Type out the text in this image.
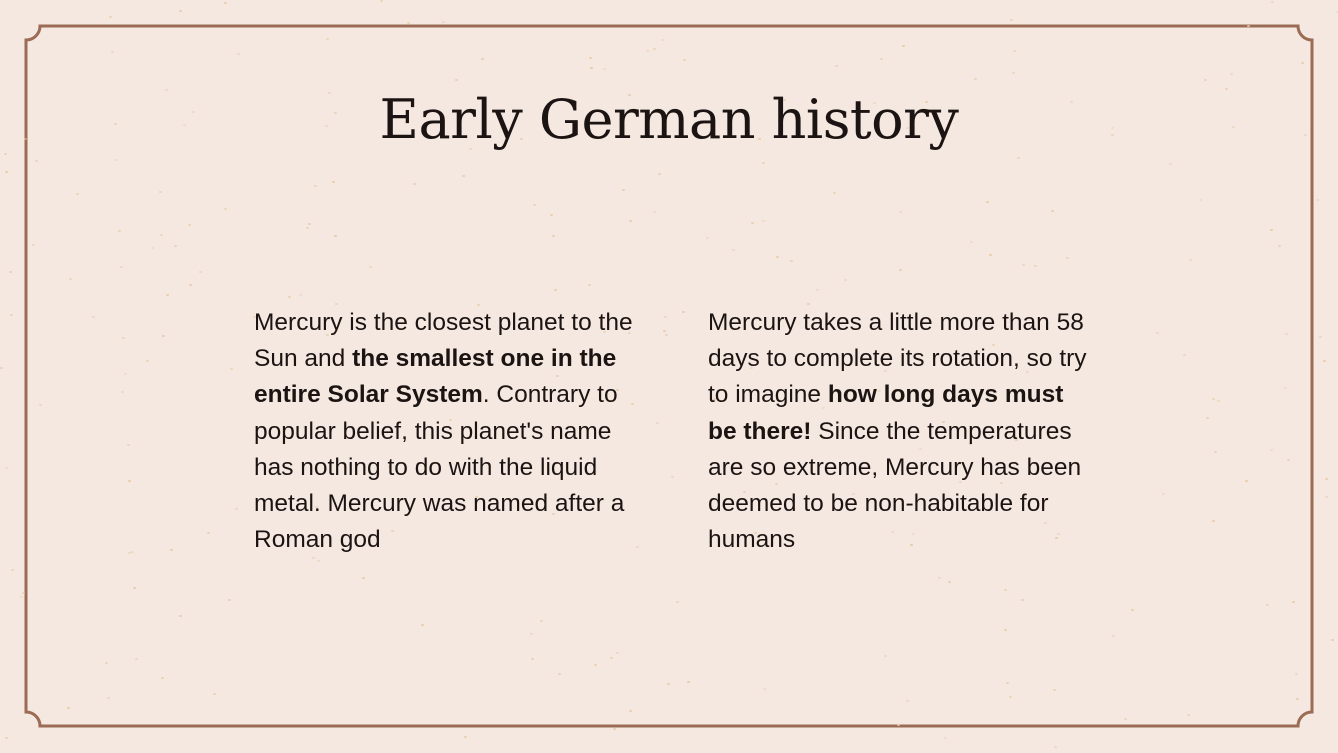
Early German history

Mercury is the closest planet to the Sun and the smallest one in the entire Solar System. Contrary to popular belief, this planet's name has nothing to do with the liquid metal. Mercury was named after a Roman god

Mercury takes a little more than 58 days to complete its rotation, so try to imagine how long days must be there! Since the temperatures are so extreme, Mercury has been deemed to be non-habitable for humans
